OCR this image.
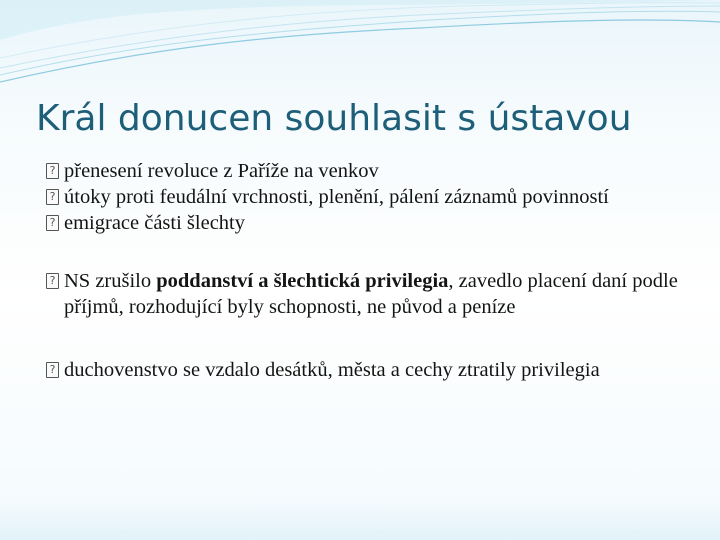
Král donucen souhlasit s ústavou
? přenesení revoluce z Paříže na venkov
? útoky proti feudální vrchnosti, plenění, pálení záznamů povinností
? emigrace části šlechty
? NS zrušilo poddanství a šlechtická privilegia, zavedlo placení daní podle příjmů, rozhodující byly schopnosti, ne původ a peníze
? duchovenstvo se vzdalo desátků, města a cechy ztratily privilegia
